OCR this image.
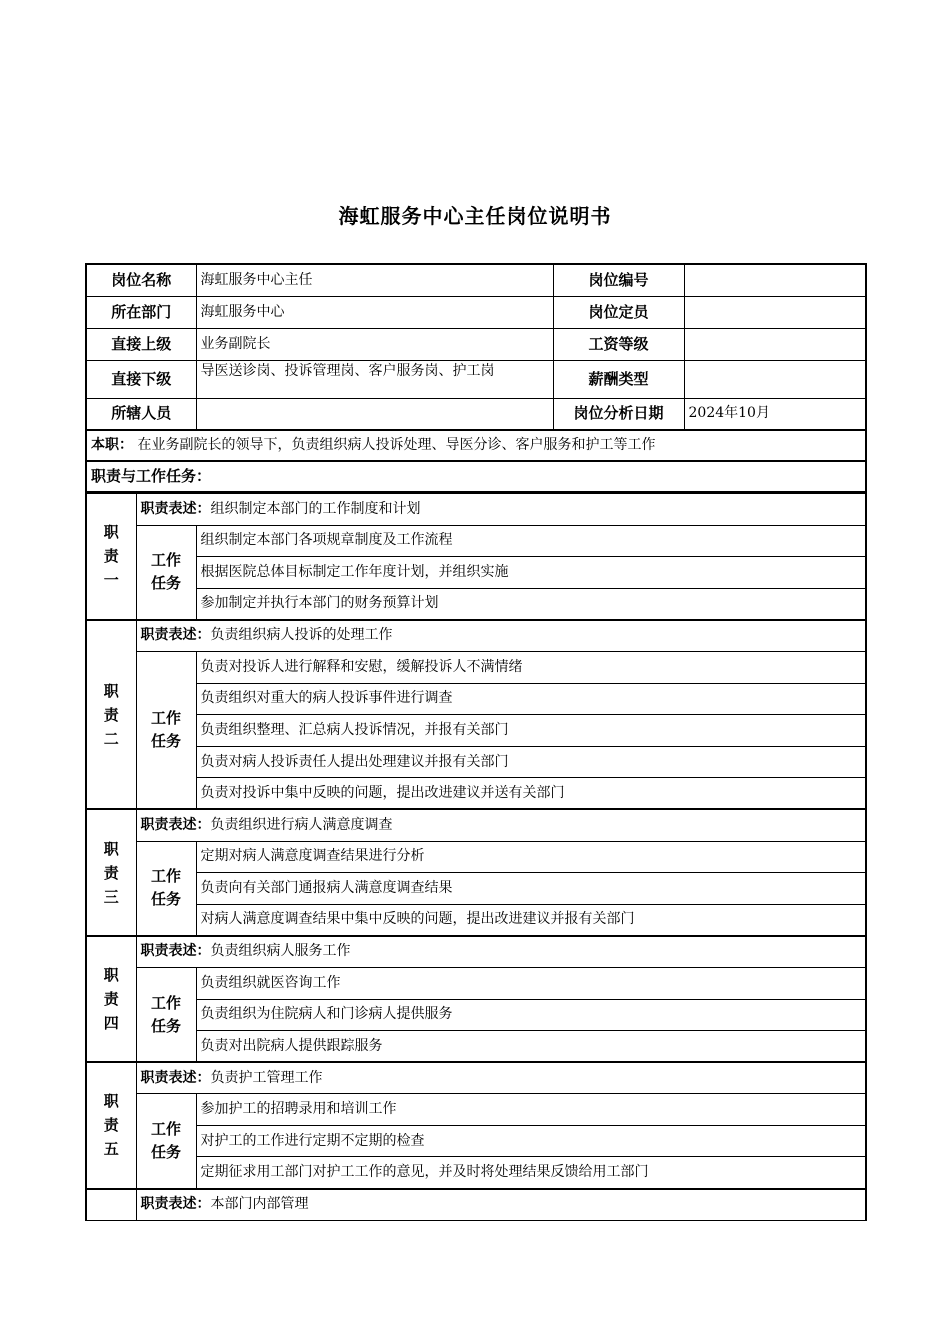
海虹服务中心主任岗位说明书
岗位名称	海虹服务中心主任	岗位编号	
所在部门	海虹服务中心	岗位定员	
直接上级	业务副院长	工资等级	
直接下级	导医送诊岗、投诉管理岗、客户服务岗、护工岗	薪酬类型	
所辖人员		岗位分析日期	2024年10月
本职： 在业务副院长的领导下，负责组织病人投诉处理、导医分诊、客户服务和护工等工作			
职责与工作任务：			
职
责
一	职责表述：组织制定本部门的工作制度和计划	

	工作
任务	组织制定本部门各项规章制度及工作流程
		根据医院总体目标制定工作年度计划，并组织实施
		参加制定并执行本部门的财务预算计划

职
责
二	职责表述：负责组织病人投诉的处理工作	

	工作
任务	负责对投诉人进行解释和安慰，缓解投诉人不满情绪
		负责组织对重大的病人投诉事件进行调查
		负责组织整理、汇总病人投诉情况，并报有关部门
		负责对病人投诉责任人提出处理建议并报有关部门
		负责对投诉中集中反映的问题，提出改进建议并送有关部门

职
责
三	职责表述：负责组织进行病人满意度调查	

	工作
任务	定期对病人满意度调查结果进行分析
		负责向有关部门通报病人满意度调查结果
		对病人满意度调查结果中集中反映的问题，提出改进建议并报有关部门

职
责
四	职责表述：负责组织病人服务工作	

	工作
任务	负责组织就医咨询工作
		负责组织为住院病人和门诊病人提供服务
		负责对出院病人提供跟踪服务

职
责
五	职责表述：负责护工管理工作	

	工作
任务	参加护工的招聘录用和培训工作
		对护工的工作进行定期不定期的检查
		定期征求用工部门对护工工作的意见，并及时将处理结果反馈给用工部门
	职责表述：本部门内部管理	
